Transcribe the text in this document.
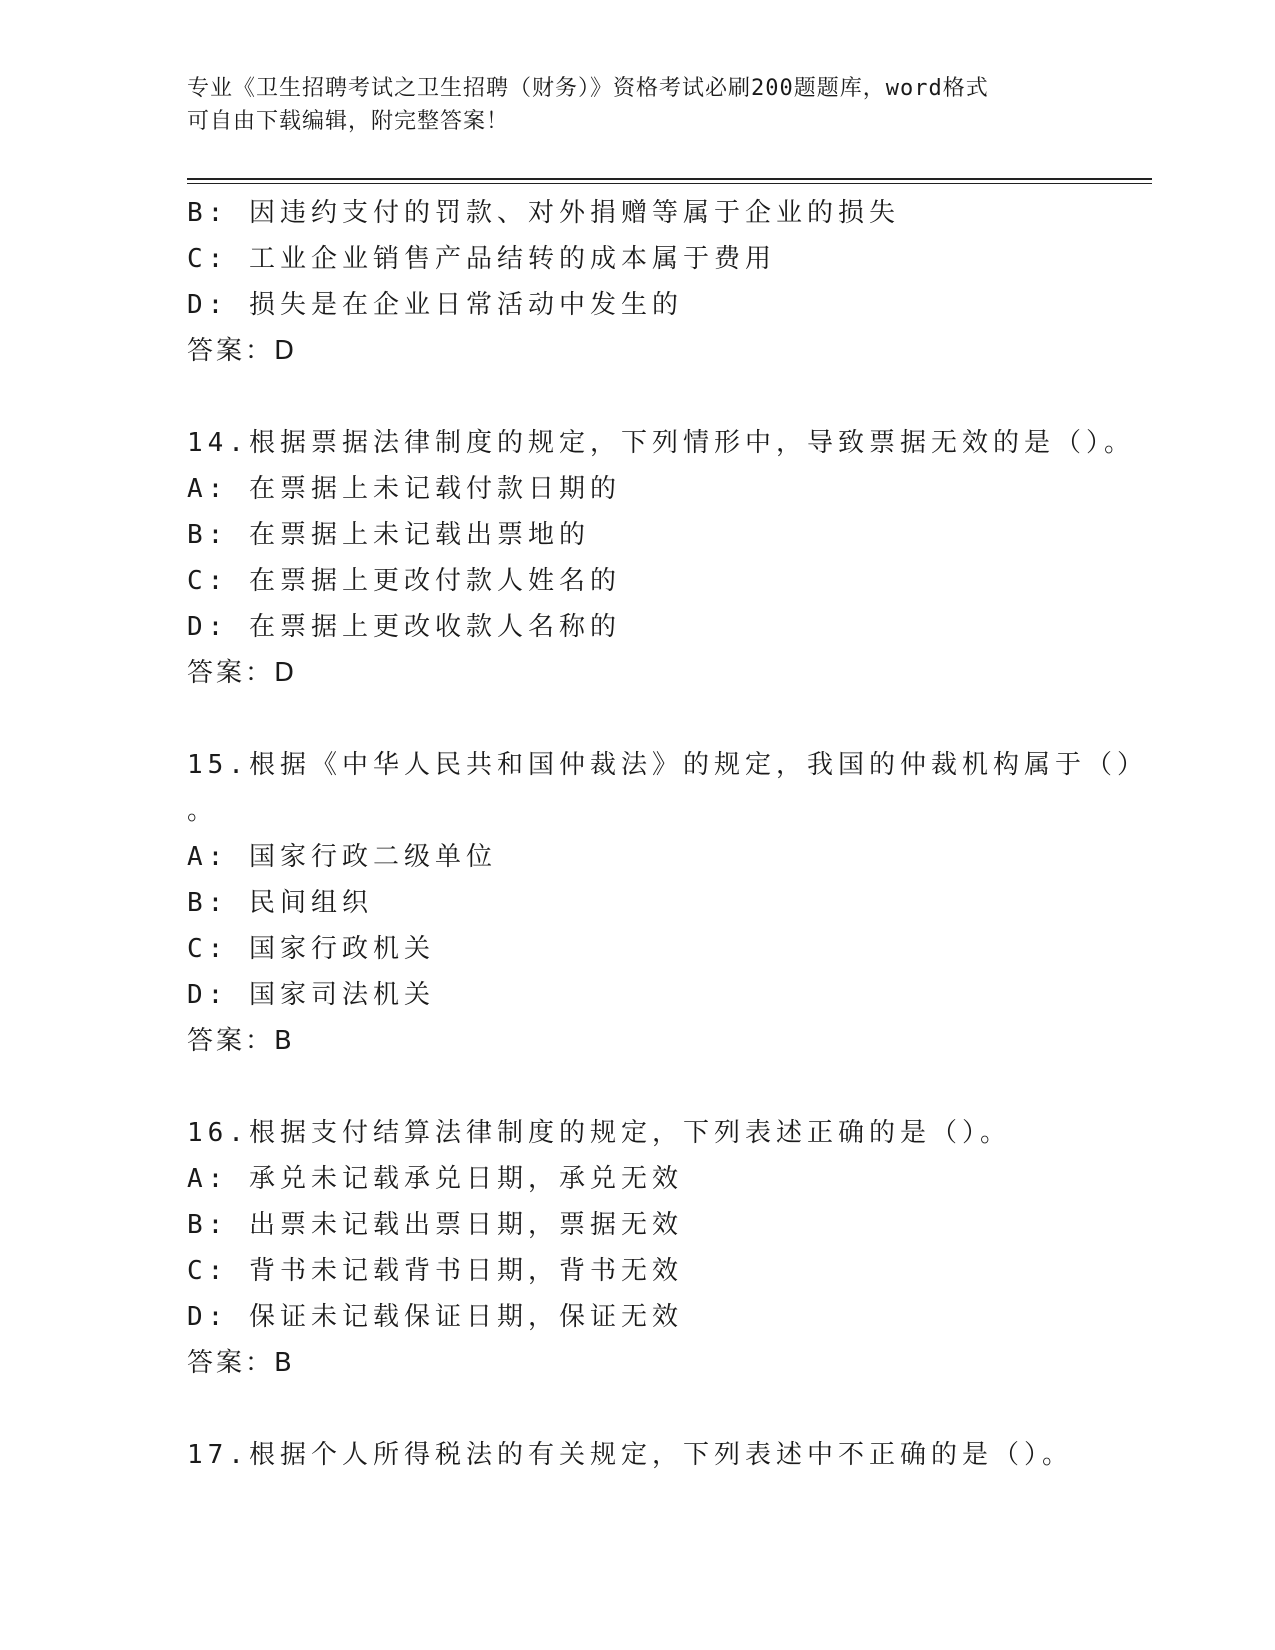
专业《卫生招聘考试之卫生招聘（财务）》资格考试必刷200题题库，word格式
可自由下载编辑，附完整答案！
B: 因违约支付的罚款、对外捐赠等属于企业的损失
C: 工业企业销售产品结转的成本属于费用
D: 损失是在企业日常活动中发生的
答案：D
14.根据票据法律制度的规定，下列情形中，导致票据无效的是（）。
A: 在票据上未记载付款日期的
B: 在票据上未记载出票地的
C: 在票据上更改付款人姓名的
D: 在票据上更改收款人名称的
答案：D
15.根据《中华人民共和国仲裁法》的规定，我国的仲裁机构属于（）
。
A: 国家行政二级单位
B: 民间组织
C: 国家行政机关
D: 国家司法机关
答案：B
16.根据支付结算法律制度的规定，下列表述正确的是（）。
A: 承兑未记载承兑日期，承兑无效
B: 出票未记载出票日期，票据无效
C: 背书未记载背书日期，背书无效
D: 保证未记载保证日期，保证无效
答案：B
17.根据个人所得税法的有关规定，下列表述中不正确的是（）。
